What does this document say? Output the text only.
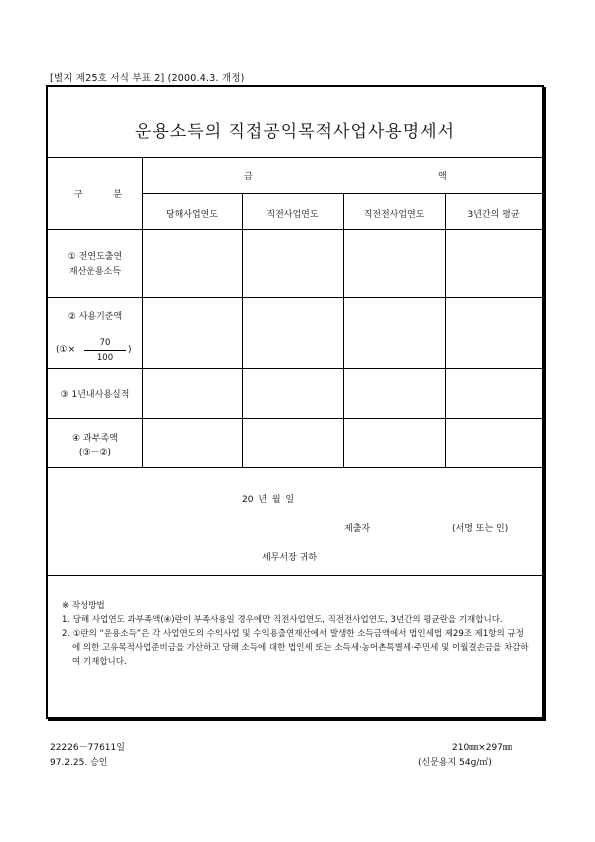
[별지 제25호 서식 부표 2] (2000.4.3. 개정)
운용소득의 직접공익목적사업사용명세서
구 분
금	액
당해사업연도	직전사업연도	직전전사업연도	3년간의 평균
① 전연도출연
재산운용소득
② 사용기준액
(①× $\frac{70}{100}$ )
③ 1년내사용실적
④ 과부족액
(③－②)
20 년 월 일
제출자	(서명 또는 인)
세무서장 귀하

※ 작성방법

1. 당해 사업연도 과부족액(④)란이 부족사용일 경우에만 직전사업연도, 직전전사업연도, 3년간의 평균란을 기재합니다.

2. ①란의 “운용소득”은 각 사업연도의 수익사업 및 수익용출연재산에서 발생한 소득금액에서 법인세법 제29조 제1항의 규정에 의한 고유목적사업준비금을 가산하고 당해 소득에 대한 법인세 또는 소득세·농어촌특별세·주민세 및 이월결손금을 차감하여 기재합니다.

22226－77611일
97.2.25. 승인
210㎜×297㎜
(신문용지 54g/㎡)
